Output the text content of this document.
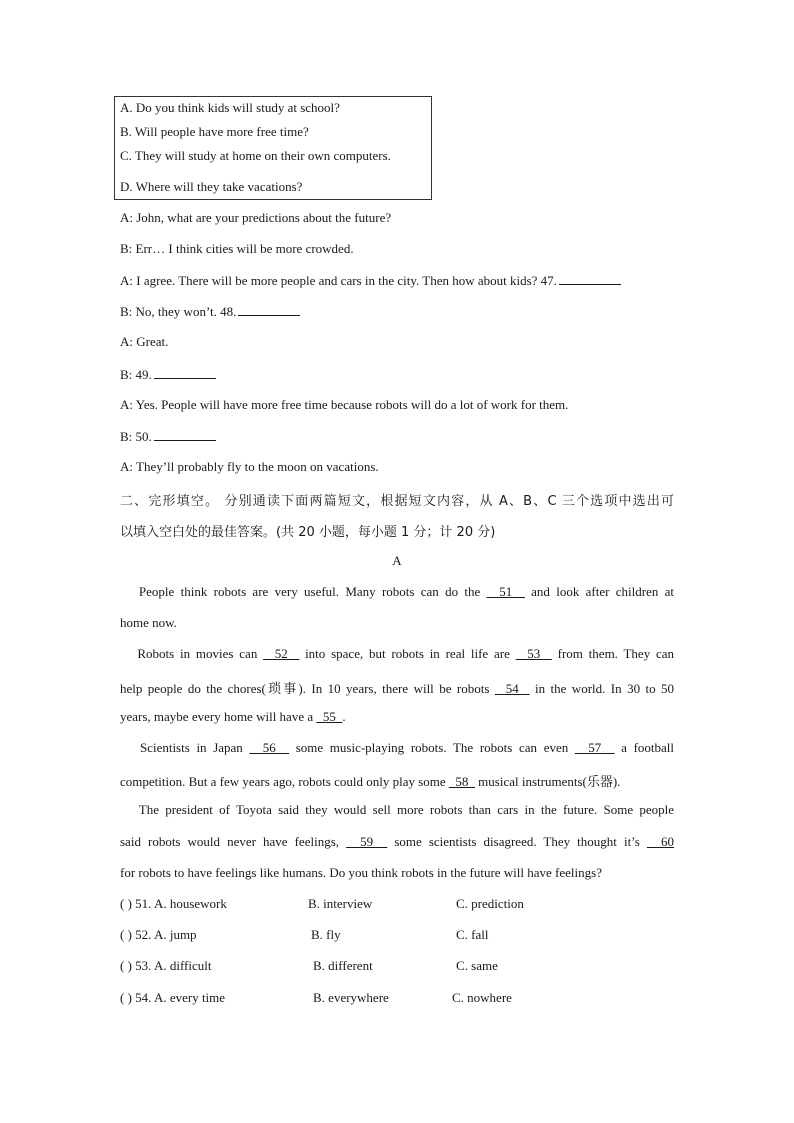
A. Do you think kids will study at school?
B. Will people have more free time?
C. They will study at home on their own computers.
D. Where will they take vacations?
A: John, what are your predictions about the future?
B: Err… I think cities will be more crowded.
A: I agree. There will be more people and cars in the city. Then how about kids? 47.
B: No, they won’t. 48.
A: Great.
B: 49.
A: Yes. People will have more free time because robots will do a lot of work for them.
B: 50.
A: They’ll probably fly to the moon on vacations.
二、完形填空。 分别通读下面两篇短文，根据短文内容，从 A、B、C 三个选项中选出可
以填入空白处的最佳答案。(共 20 小题，每小题 1 分；计 20 分)
A
People think robots are very useful. Many robots can do the   51   and look after children at
home now.
Robots in movies can   52   into space, but robots in real life are   53   from them. They can
help people do the chores(琐事). In 10 years, there will be robots   54   in the world. In 30 to 50
years, maybe every home will have a   55  .
Scientists in Japan   56   some music-playing robots. The robots can even   57   a football
competition. But a few years ago, robots could only play some   58   musical instruments(乐器).
The president of Toyota said they would sell more robots than cars in the future. Some people
said robots would never have feelings,   59   some scientists disagreed. They thought it’s   60
for robots to have feelings like humans. Do you think robots in the future will have feelings?
( ) 51. A. housework	B. interview	C. prediction
( ) 52. A. jump	B. fly	C. fall
( ) 53. A. difficult	B. different	C. same
( ) 54. A. every time	B. everywhere	C. nowhere
